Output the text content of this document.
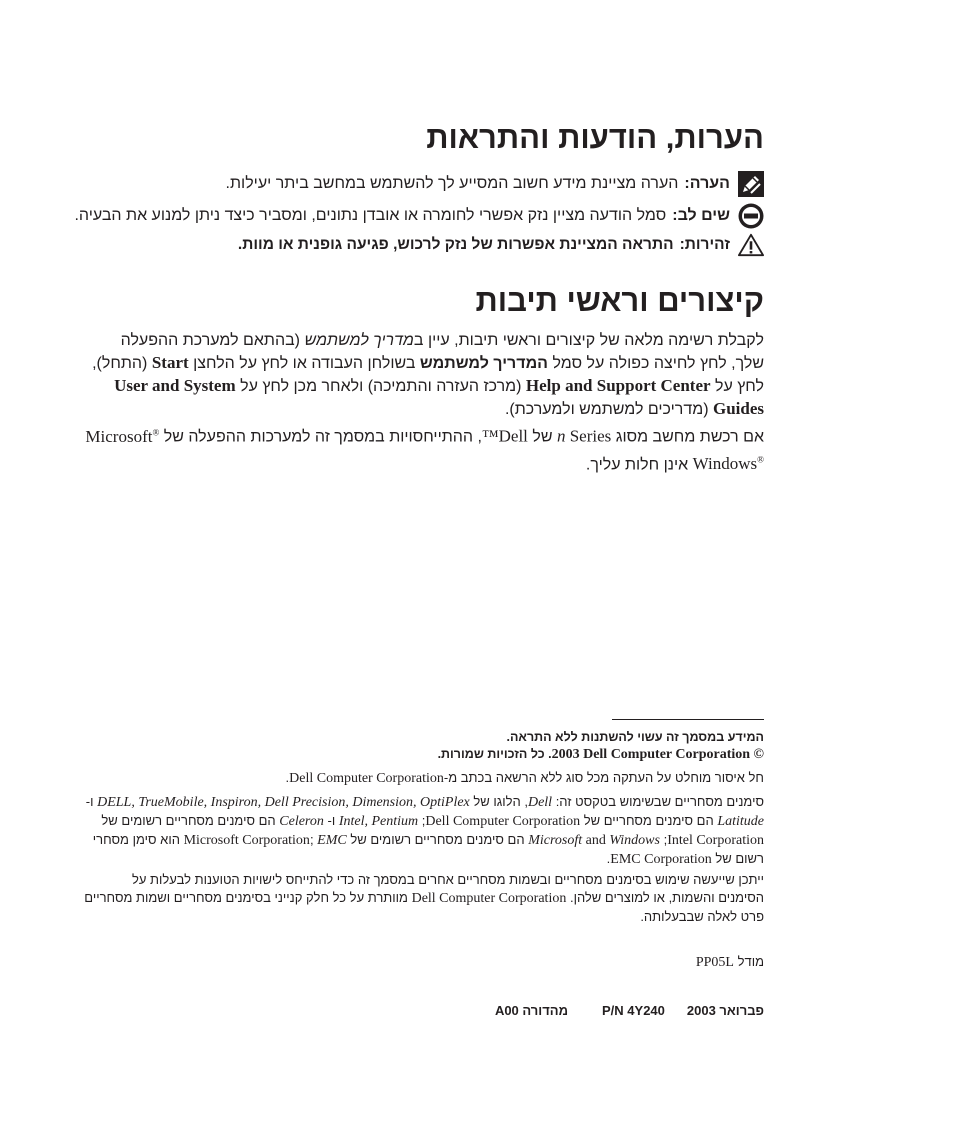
הערות, הודעות והתראות
הערה:
הערה מציינת מידע חשוב המסייע לך להשתמש במחשב ביתר יעילות.
שים לב:
סמל הודעה מציין נזק אפשרי לחומרה או אובדן נתונים, ומסביר כיצד ניתן למנוע את הבעיה.
זהירות:
התראה המציינת אפשרות של נזק לרכוש, פגיעה גופנית או מוות.
קיצורים וראשי תיבות

לקבלת רשימה מלאה של קיצורים וראשי תיבות, עיין במדריך למשתמש (בהתאם למערכת ההפעלה שלך, לחץ לחיצה כפולה על סמל המדריך למשתמש בשולחן העבודה או לחץ על הלחצן Start (התחל), לחץ על Help and Support Center (מרכז העזרה והתמיכה) ולאחר מכן לחץ על User and System Guides (מדריכים למשתמש ולמערכת).

אם רכשת מחשב מסוג n Series של Dell™, ההתייחסויות במסמך זה למערכות ההפעלה של Microsoft® Windows® אינן חלות עליך.

המידע במסמך זה עשוי להשתנות ללא התראה.

2003 Dell Computer Corporation ©. כל הזכויות שמורות.

חל איסור מוחלט על העתקה מכל סוג ללא הרשאה בכתב מ-Dell Computer Corporation.

סימנים מסחריים שבשימוש בטקסט זה: Dell, הלוגו של DELL, TrueMobile, Inspiron, Dell Precision, Dimension, OptiPlex ו-Latitude הם סימנים מסחריים של Dell Computer Corporation; Intel, Pentium ו- Celeron הם סימנים מסחריים רשומים של Intel Corporation; Microsoft and Windows הם סימנים מסחריים רשומים של Microsoft Corporation; EMC הוא סימן מסחרי רשום של EMC Corporation.

ייתכן שייעשה שימוש בסימנים מסחריים ובשמות מסחריים אחרים במסמך זה כדי להתייחס לישויות הטוענות לבעלות על הסימנים והשמות, או למוצרים שלהן. Dell Computer Corporation מוותרת על כל חלק קנייני בסימנים מסחריים ושמות מסחריים פרט לאלה שבבעלותה.

מודל PP05L

פברואר 2003
P/N 4Y240
מהדורה A00
